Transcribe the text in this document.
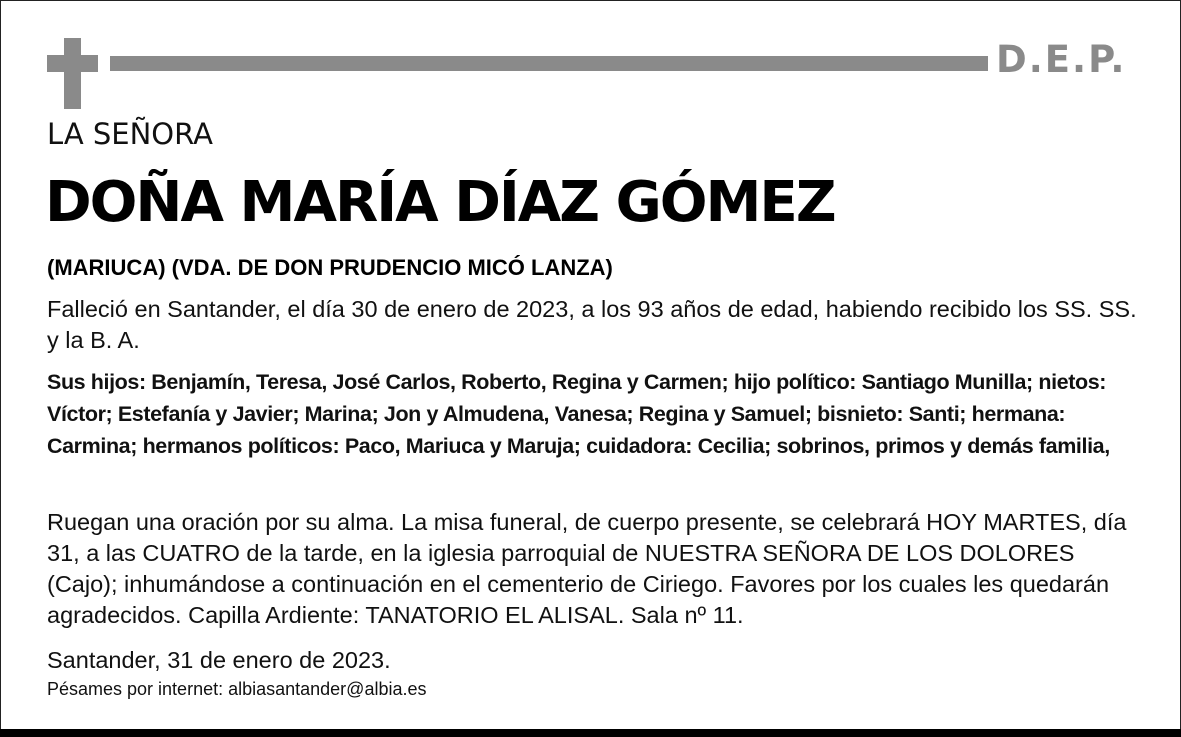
D.E.P.
LA SEÑORA
DOÑA MARÍA DÍAZ GÓMEZ
(MARIUCA) (VDA. DE DON PRUDENCIO MICÓ LANZA)
Falleció en Santander, el día 30 de enero de 2023, a los 93 años de edad, habiendo recibido los SS. SS. y la B. A.
Sus hijos: Benjamín, Teresa, José Carlos, Roberto, Regina y Carmen; hijo político: Santiago Munilla; nietos: Víctor; Estefanía y Javier; Marina; Jon y Almudena, Vanesa; Regina y Samuel; bisnieto: Santi; hermana: Carmina; hermanos políticos: Paco, Mariuca y Maruja; cuidadora: Cecilia; sobrinos, primos y demás familia,
Ruegan una oración por su alma. La misa funeral, de cuerpo presente, se celebrará HOY MARTES, día 31, a las CUATRO de la tarde, en la iglesia parroquial de NUESTRA SEÑORA DE LOS DOLORES (Cajo); inhumándose a continuación en el cementerio de Ciriego. Favores por los cuales les quedarán agradecidos. Capilla Ardiente: TANATORIO EL ALISAL. Sala nº 11.
Santander, 31 de enero de 2023.
Pésames por internet: albiasantander@albia.es
